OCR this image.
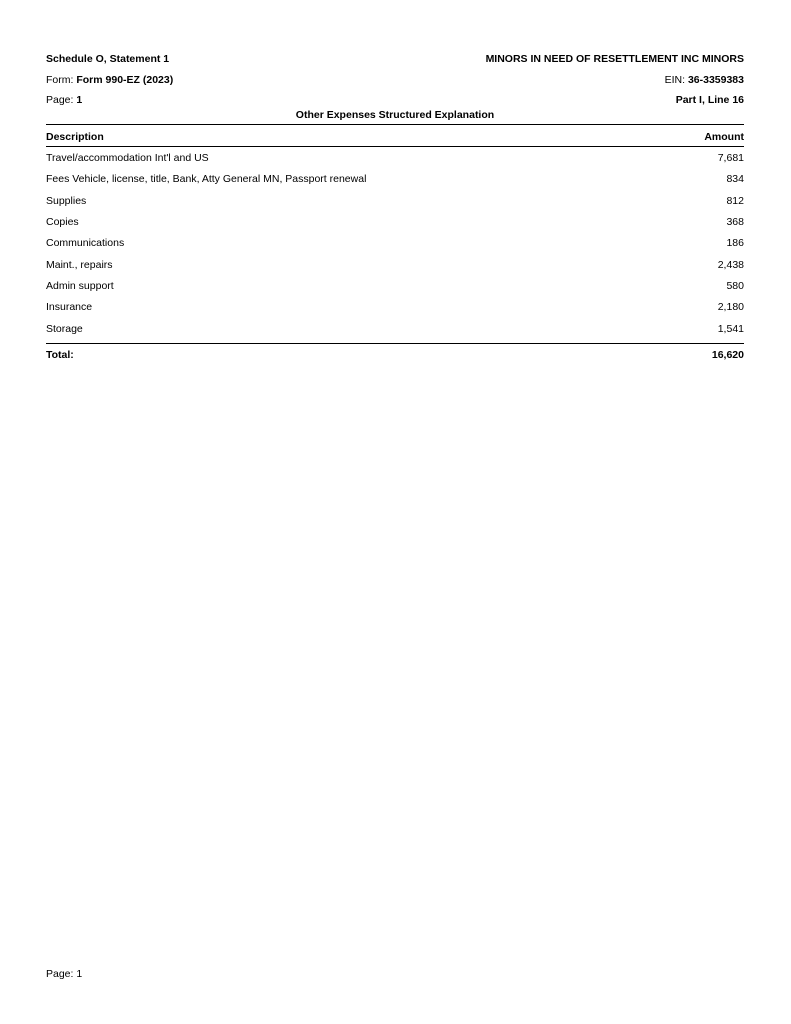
Schedule O, Statement 1	MINORS IN NEED OF RESETTLEMENT INC MINORS
Form: Form 990-EZ (2023)	EIN: 36-3359383
Page: 1	Part I, Line 16
Other Expenses Structured Explanation
Description	Amount
Travel/accommodation Int'l and US	7,681
Fees Vehicle, license, title, Bank, Atty General MN, Passport renewal	834
Supplies	812
Copies	368
Communications	186
Maint., repairs	2,438
Admin support	580
Insurance	2,180
Storage	1,541
Total:	16,620
Page: 1
